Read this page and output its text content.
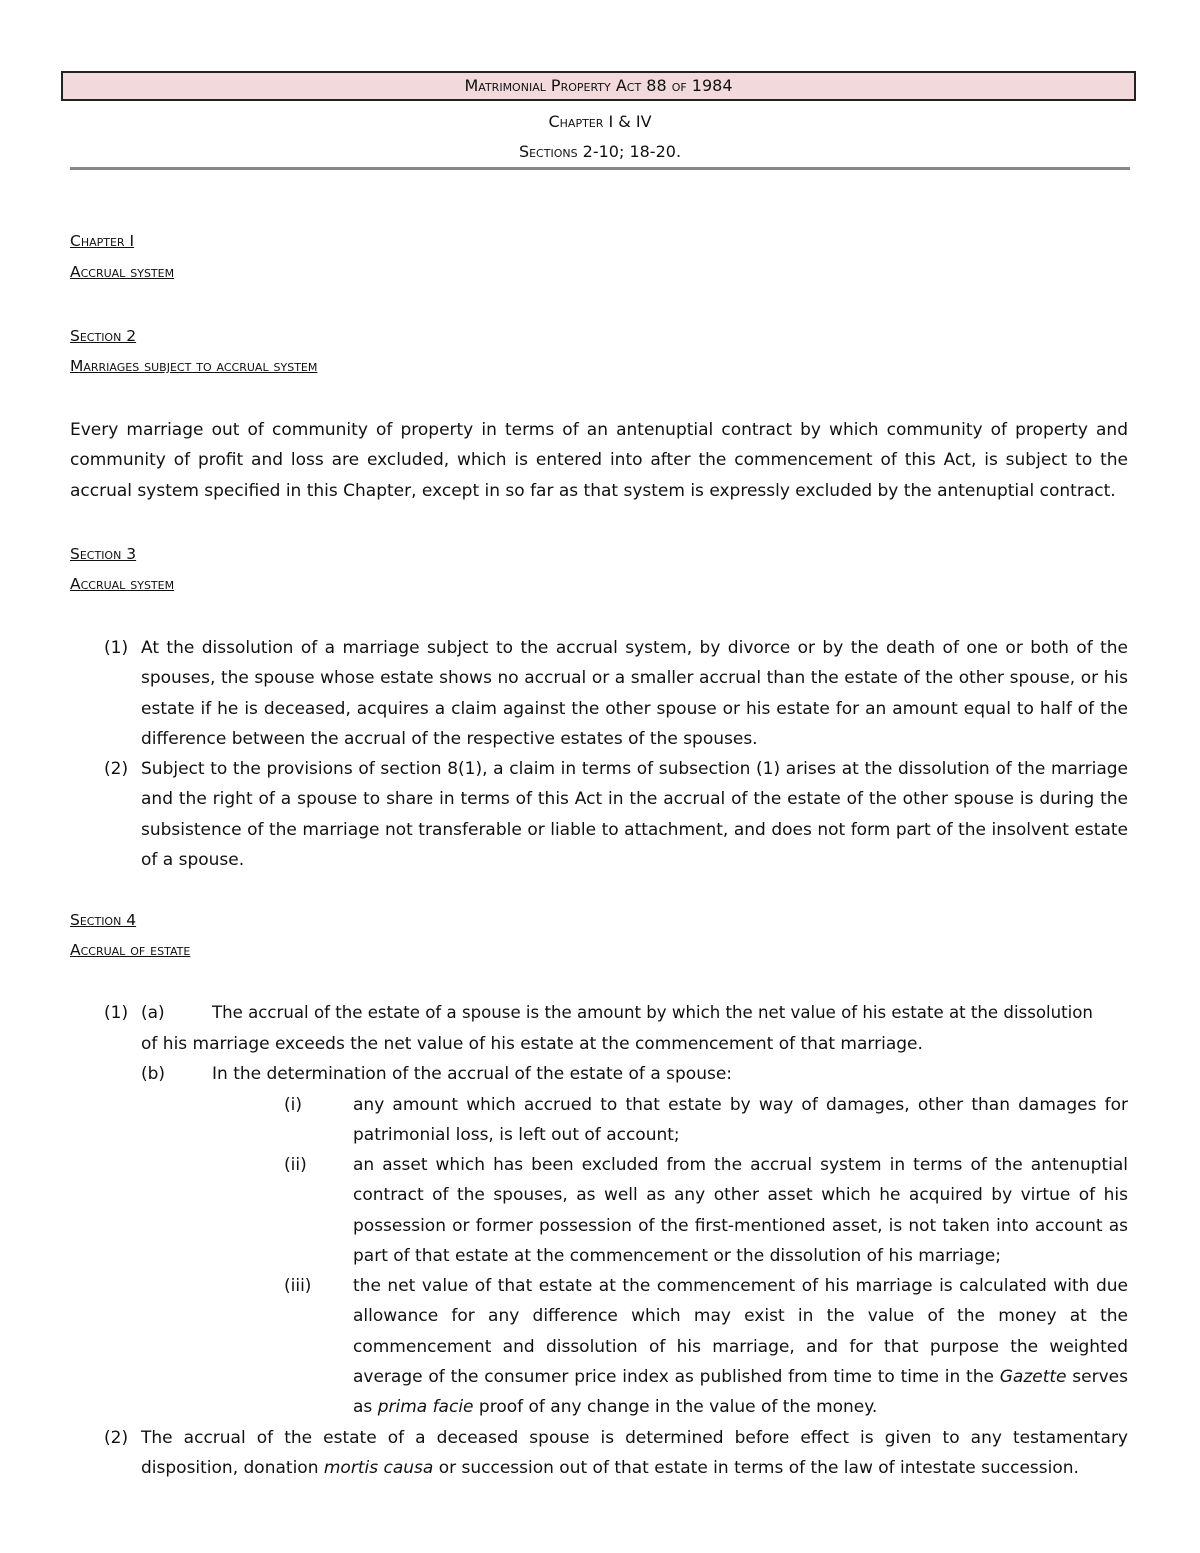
Matrimonial Property Act 88 of 1984
Chapter I & IV
Sections 2-10; 18-20.
Chapter I
Accrual system
Section 2
Marriages subject to accrual system
Every marriage out of community of property in terms of an antenuptial contract by which community of property and community of profit and loss are excluded, which is entered into after the commencement of this Act, is subject to the accrual system specified in this Chapter, except in so far as that system is expressly excluded by the antenuptial contract.
Section 3
Accrual system
(1) At the dissolution of a marriage subject to the accrual system, by divorce or by the death of one or both of the spouses, the spouse whose estate shows no accrual or a smaller accrual than the estate of the other spouse, or his estate if he is deceased, acquires a claim against the other spouse or his estate for an amount equal to half of the difference between the accrual of the respective estates of the spouses.
(2) Subject to the provisions of section 8(1), a claim in terms of subsection (1) arises at the dissolution of the marriage and the right of a spouse to share in terms of this Act in the accrual of the estate of the other spouse is during the subsistence of the marriage not transferable or liable to attachment, and does not form part of the insolvent estate of a spouse.
Section 4
Accrual of estate
(1) (a)	The accrual of the estate of a spouse is the amount by which the net value of his estate at the dissolution
of his marriage exceeds the net value of his estate at the commencement of that marriage.
(b)	In the determination of the accrual of the estate of a spouse:
(i)	any amount which accrued to that estate by way of damages, other than damages for patrimonial loss, is left out of account;
(ii)	an asset which has been excluded from the accrual system in terms of the antenuptial contract of the spouses, as well as any other asset which he acquired by virtue of his possession or former possession of the first-mentioned asset, is not taken into account as part of that estate at the commencement or the dissolution of his marriage;
(iii) the net value of that estate at the commencement of his marriage is calculated with due allowance for any difference which may exist in the value of the money at the commencement and dissolution of his marriage, and for that purpose the weighted average of the consumer price index as published from time to time in the Gazette serves as prima facie proof of any change in the value of the money.
(2) The accrual of the estate of a deceased spouse is determined before effect is given to any testamentary disposition, donation mortis causa or succession out of that estate in terms of the law of intestate succession.
